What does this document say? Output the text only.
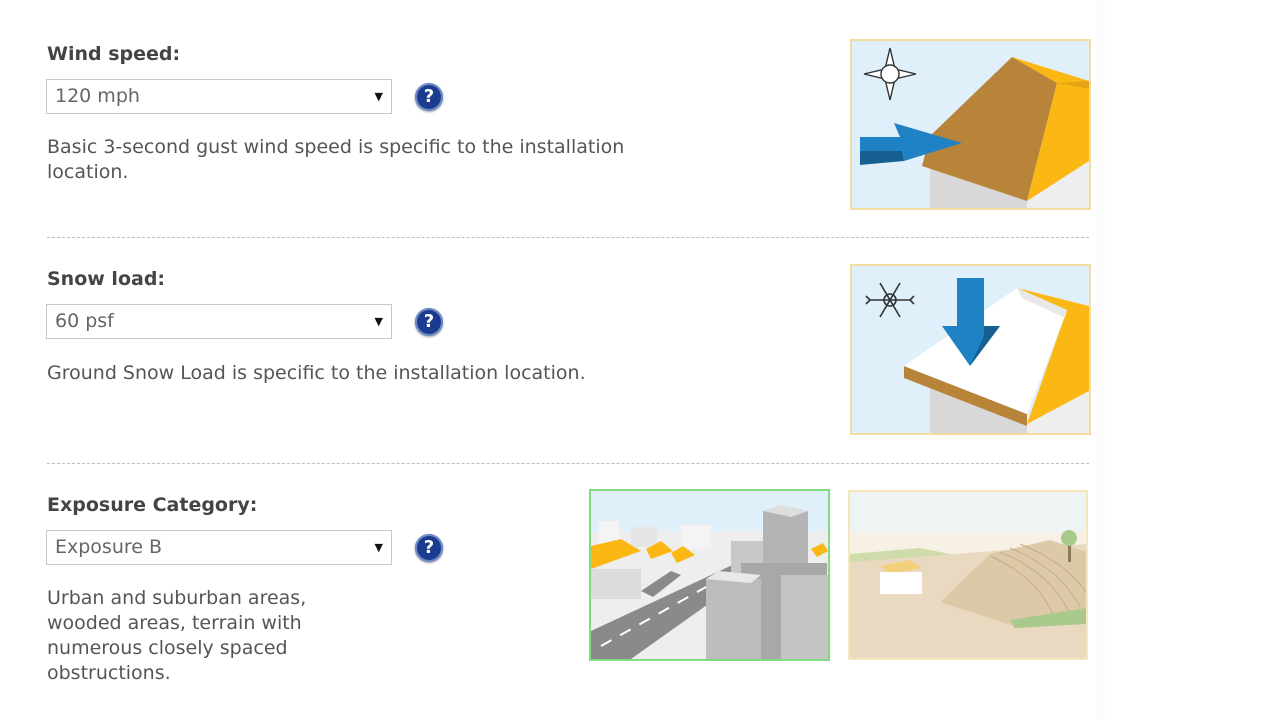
Wind speed:
120 mph	▼	?
Basic 3-second gust wind speed is specific to the installation location.
Snow load:
60 psf	▼	?
Ground Snow Load is specific to the installation location.
Exposure Category:
Exposure B	▼	?
Urban and suburban areas, wooded areas, terrain with numerous closely spaced obstructions.
